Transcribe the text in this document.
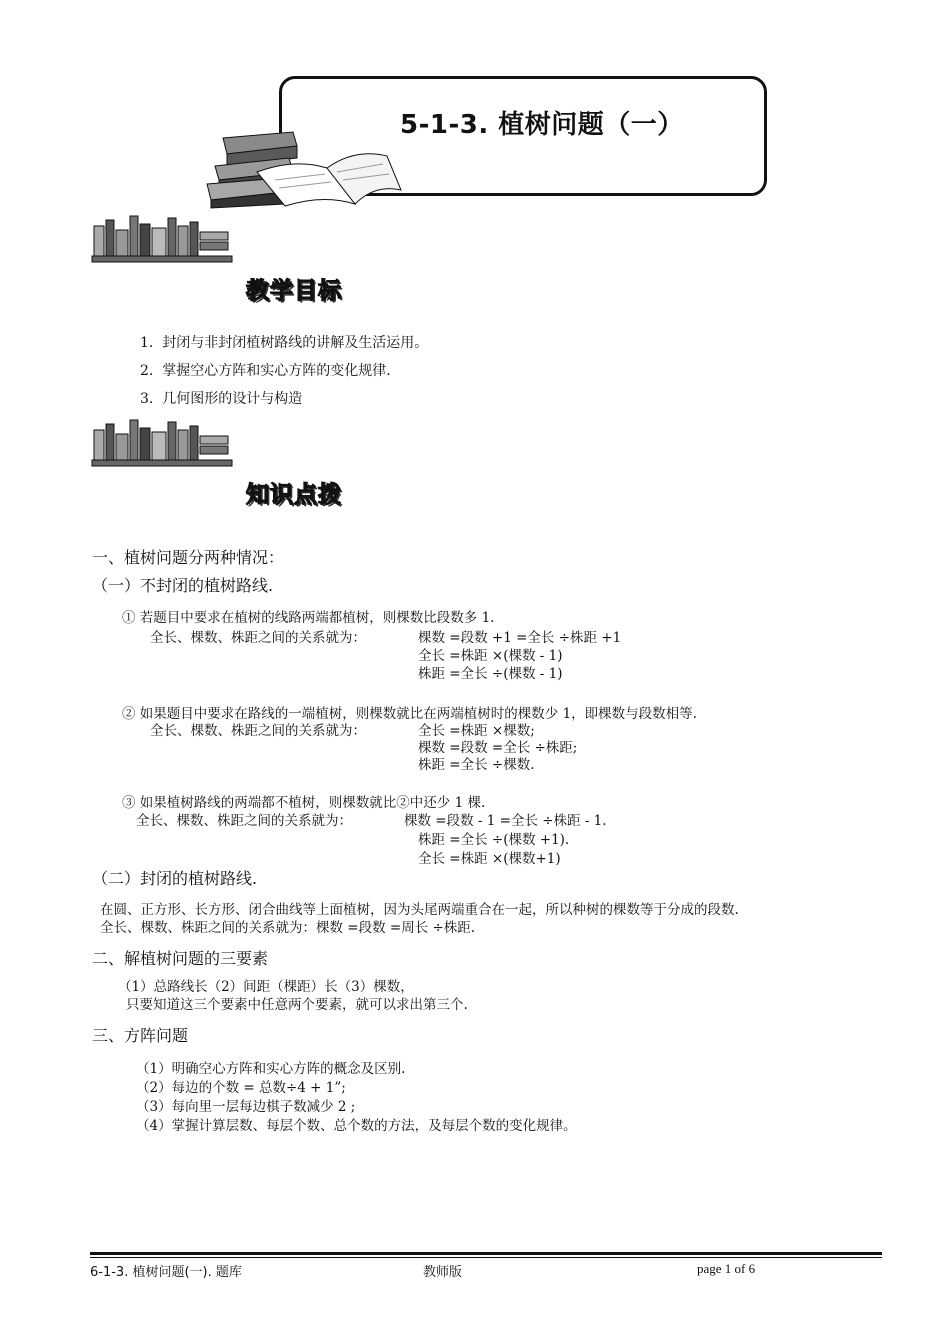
5-1-3. 植树问题（一）
教学目标
1. 封闭与非封闭植树路线的讲解及生活运用。
2. 掌握空心方阵和实心方阵的变化规律.
3. 几何图形的设计与构造
知识点拨
一、植树问题分两种情况：
（一）不封闭的植树路线.
① 若题目中要求在植树的线路两端都植树，则棵数比段数多 1.
全长、棵数、株距之间的关系就为：	棵数 =段数 +1 =全长 ÷株距 +1
全长 =株距 ×(棵数 - 1)
株距 =全长 ÷(棵数 - 1)
② 如果题目中要求在路线的一端植树，则棵数就比在两端植树时的棵数少 1，即棵数与段数相等.
全长、棵数、株距之间的关系就为：	全长 =株距 ×棵数;
棵数 =段数 =全长 ÷株距;
株距 =全长 ÷棵数.
③ 如果植树路线的两端都不植树，则棵数就比②中还少 1 棵.
全长、棵数、株距之间的关系就为：	棵数 =段数 - 1 =全长 ÷株距 - 1.
株距 =全长 ÷(棵数 +1).
全长 =株距 ×(棵数+1)
（二）封闭的植树路线.
在圆、正方形、长方形、闭合曲线等上面植树，因为头尾两端重合在一起，所以种树的棵数等于分成的段数.
全长、棵数、株距之间的关系就为：棵数 =段数 =周长 ÷株距.
二、解植树问题的三要素
（1）总路线长（2）间距（棵距）长（3）棵数，
只要知道这三个要素中任意两个要素，就可以求出第三个.
三、方阵问题
（1）明确空心方阵和实心方阵的概念及区别.
（2）每边的个数 = 总数÷4 + 1”;
（3）每向里一层每边棋子数减少 2 ;
（4）掌握计算层数、每层个数、总个数的方法，及每层个数的变化规律。
6-1-3. 植树问题(一). 题库	教师版	page 1 of 6
